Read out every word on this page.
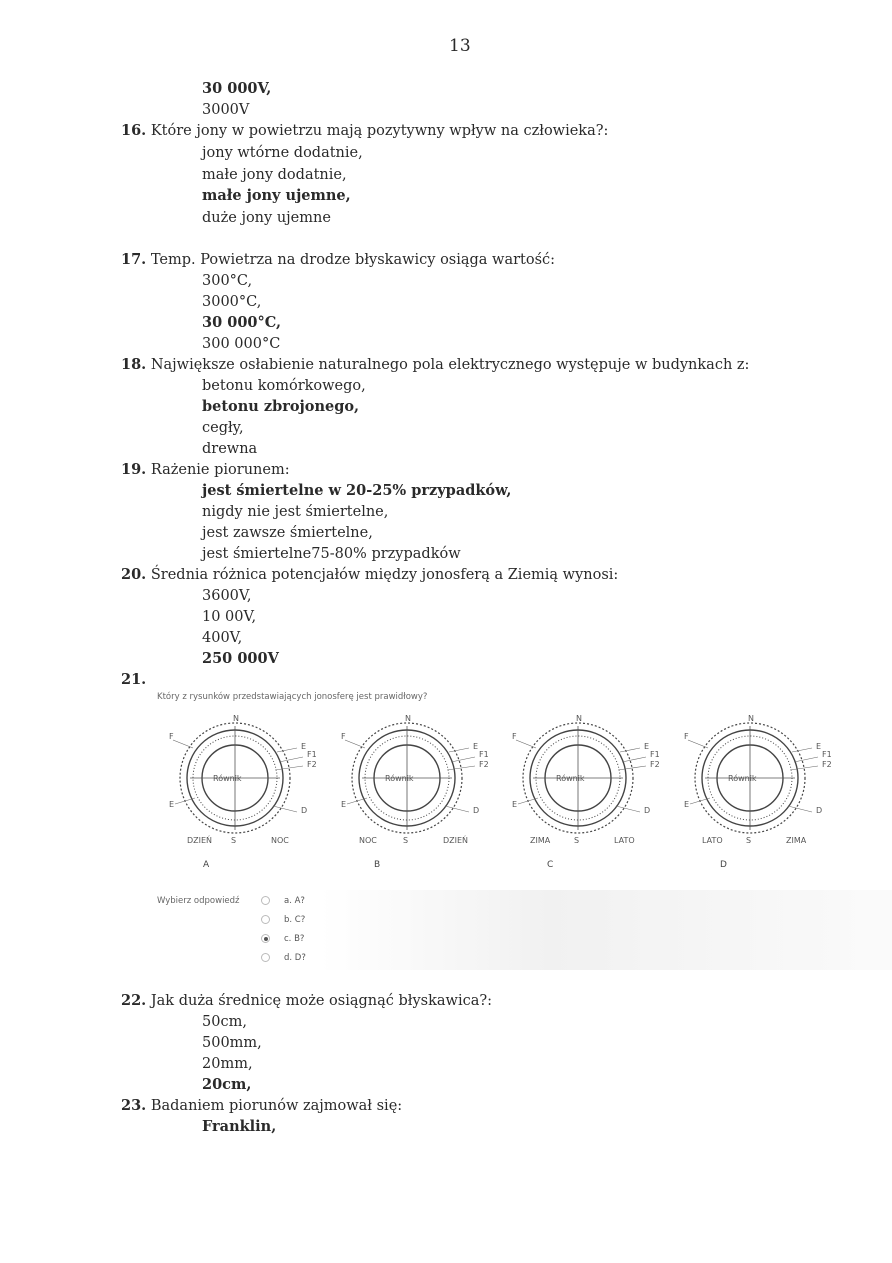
13
30 000V,
3000V
16. Które jony w powietrzu mają pozytywny wpływ na człowieka?:
jony wtórne dodatnie,
małe jony dodatnie,
małe jony ujemne,
duże jony ujemne
17. Temp. Powietrza na drodze błyskawicy osiąga wartość:
300°C,
3000°C,
30 000°C,
300 000°C
18. Największe osłabienie naturalnego pola elektrycznego występuje w budynkach z:
betonu komórkowego,
betonu zbrojonego,
cegły,
drewna
19. Rażenie piorunem:
jest śmiertelne w 20-25% przypadków,
nigdy nie jest śmiertelne,
jest zawsze śmiertelne,
jest śmiertelne75-80% przypadków
20. Średnia różnica potencjałów między jonosferą a Ziemią wynosi:
3600V,
10 00V,
400V,
250 000V
21.
Który z rysunków przedstawiających jonosferę jest prawidłowy?
N
F
E
F1
F2
E
D
Równik
DZIEŃ S	NOC
N
F
E
F1
F2
E
D
Równik
NOC	S	DZIEŃ
N
F
E
F1
F2
E
D
Równik
ZIMA	S	LATO
N
F
E
F1
F2
E
D
Równik
LATO	S	ZIMA
A	B	C	D
Wybierz odpowiedź	a. A?
b. C?
c. B?
d. D?
22. Jak duża średnicę może osiągnąć błyskawica?:
50cm,
500mm,
20mm,
20cm,
23. Badaniem piorunów zajmował się:
Franklin,
